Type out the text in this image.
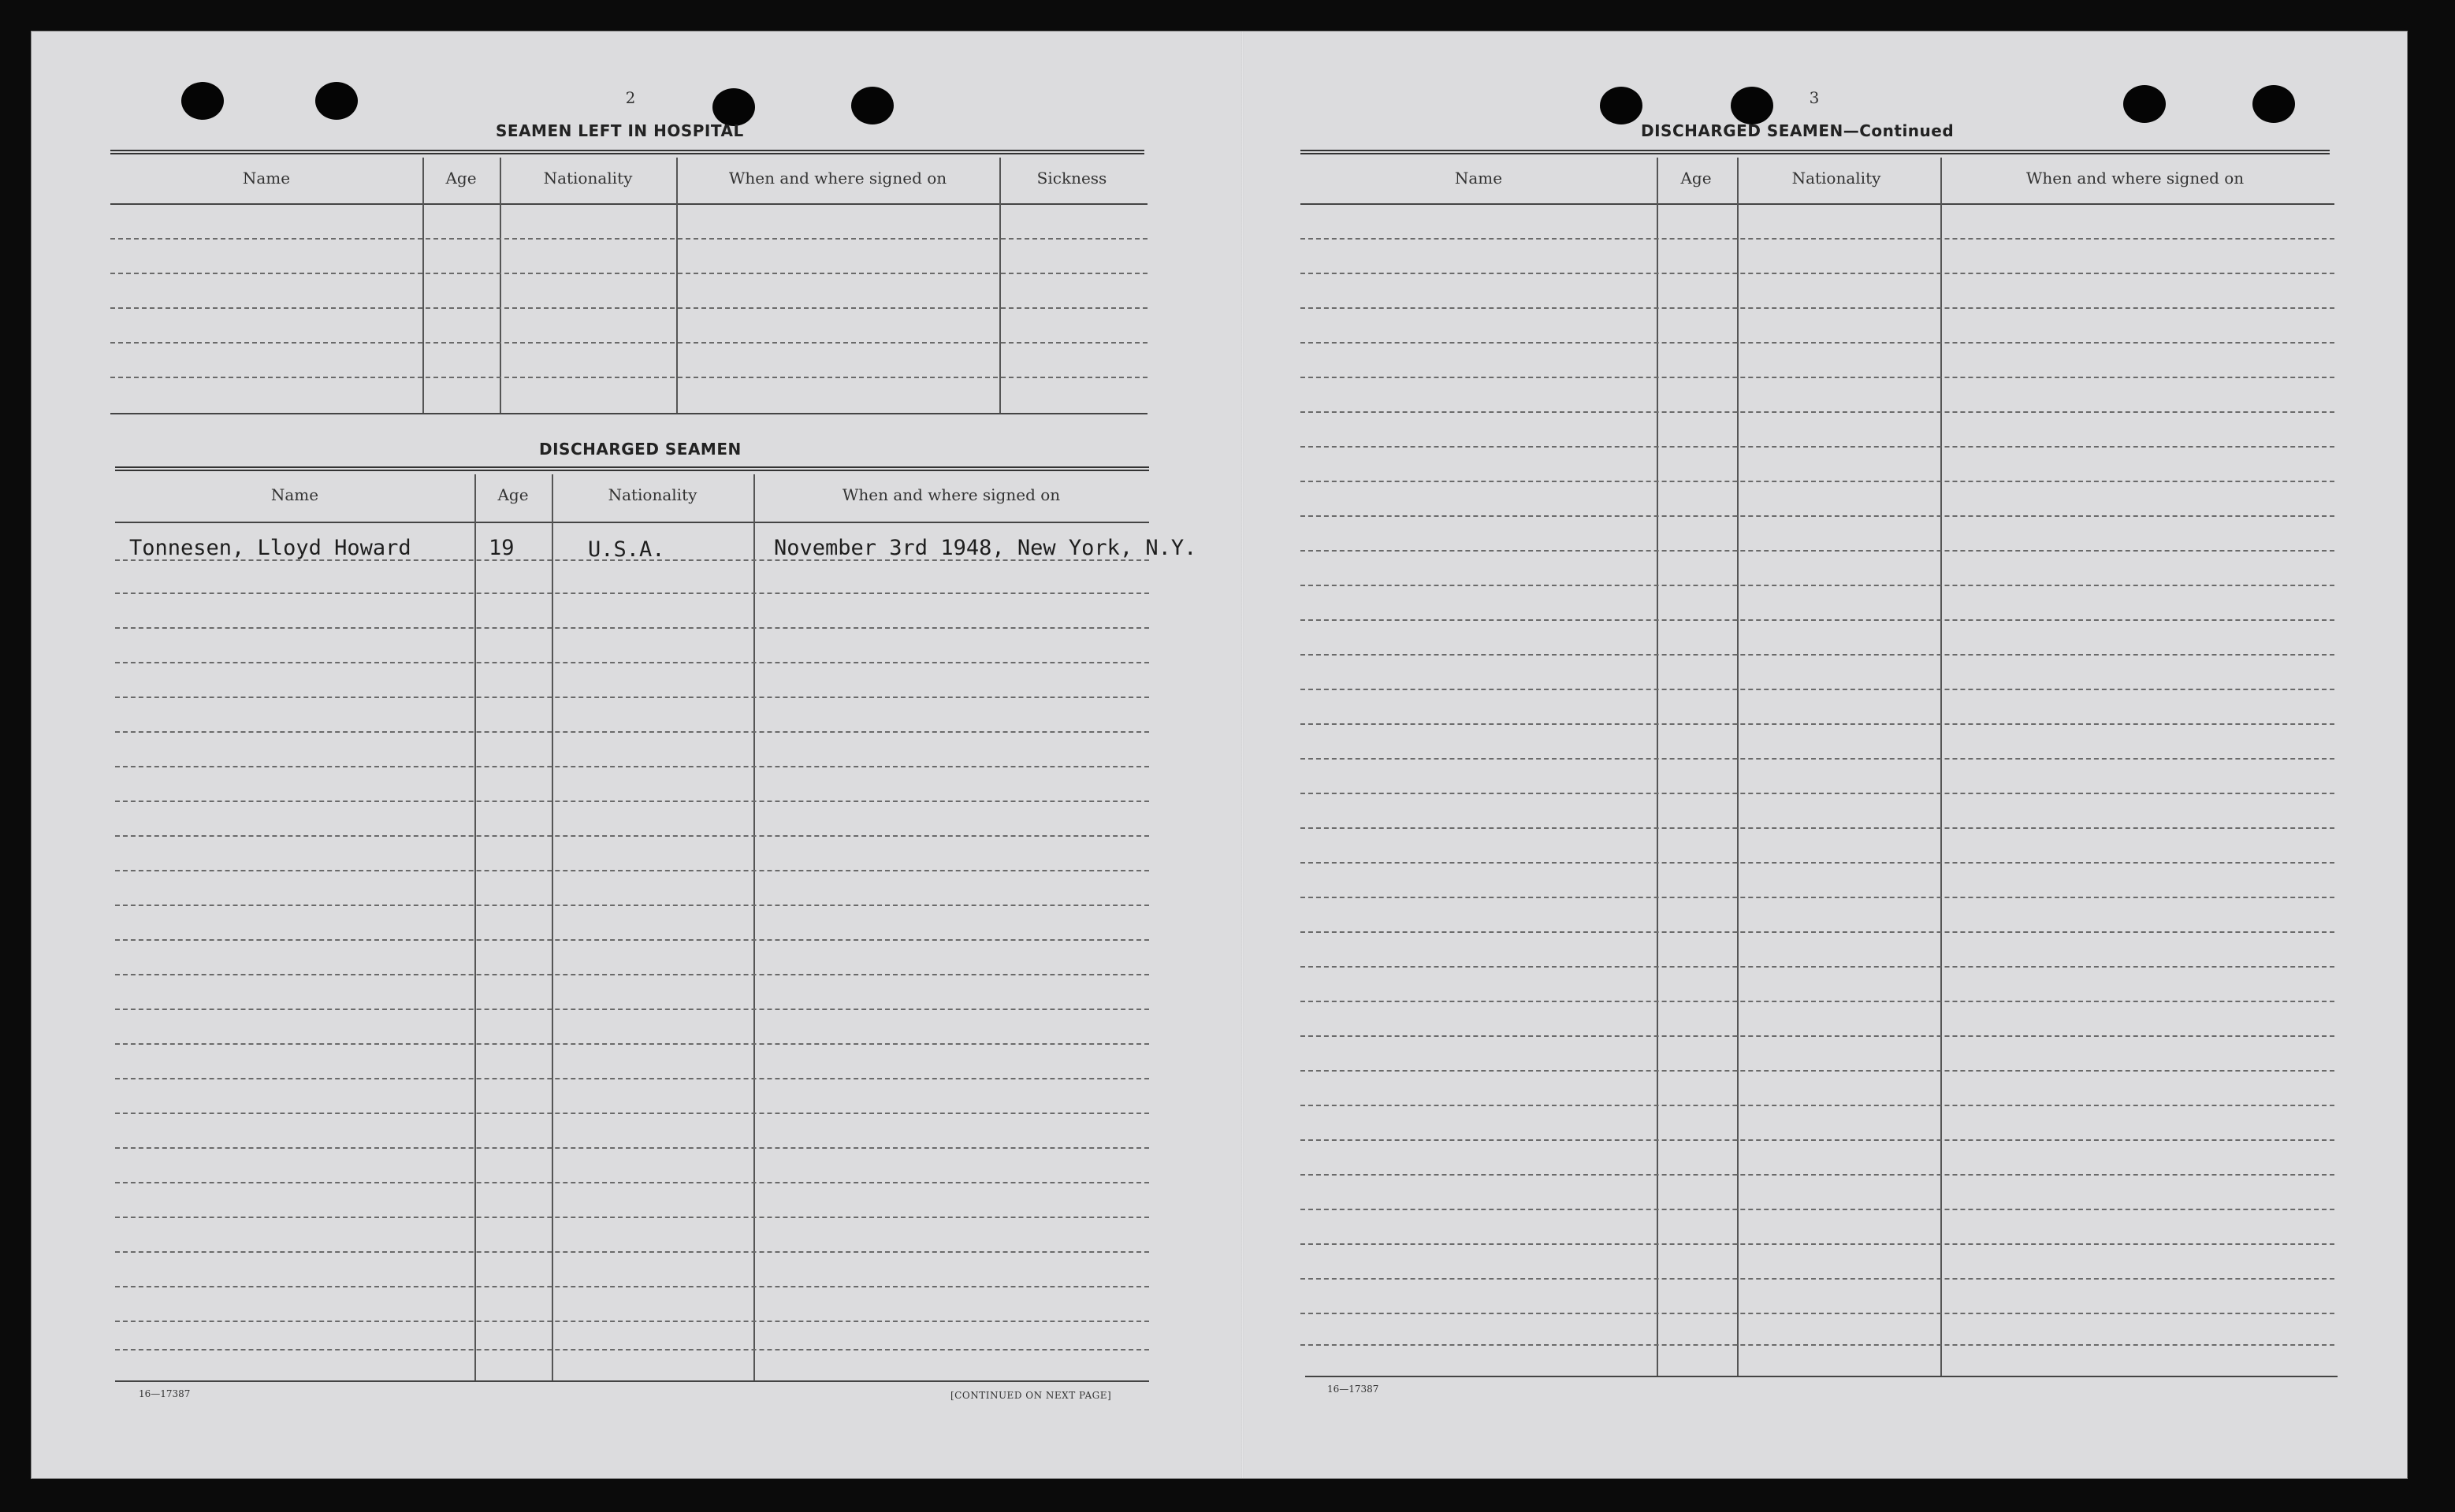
2
SEAMEN LEFT IN HOSPITAL
Name	Age	Nationality	When and where signed on	Sickness
DISCHARGED SEAMEN
Name	Age	Nationality	When and where signed on
Tonnesen, Lloyd Howard	19	U.S.A.	November 3rd 1948, New York, N.Y.
16—17387	[CONTINUED ON NEXT PAGE]
3
DISCHARGED SEAMEN—Continued
Name	Age	Nationality	When and where signed on
16—17387
